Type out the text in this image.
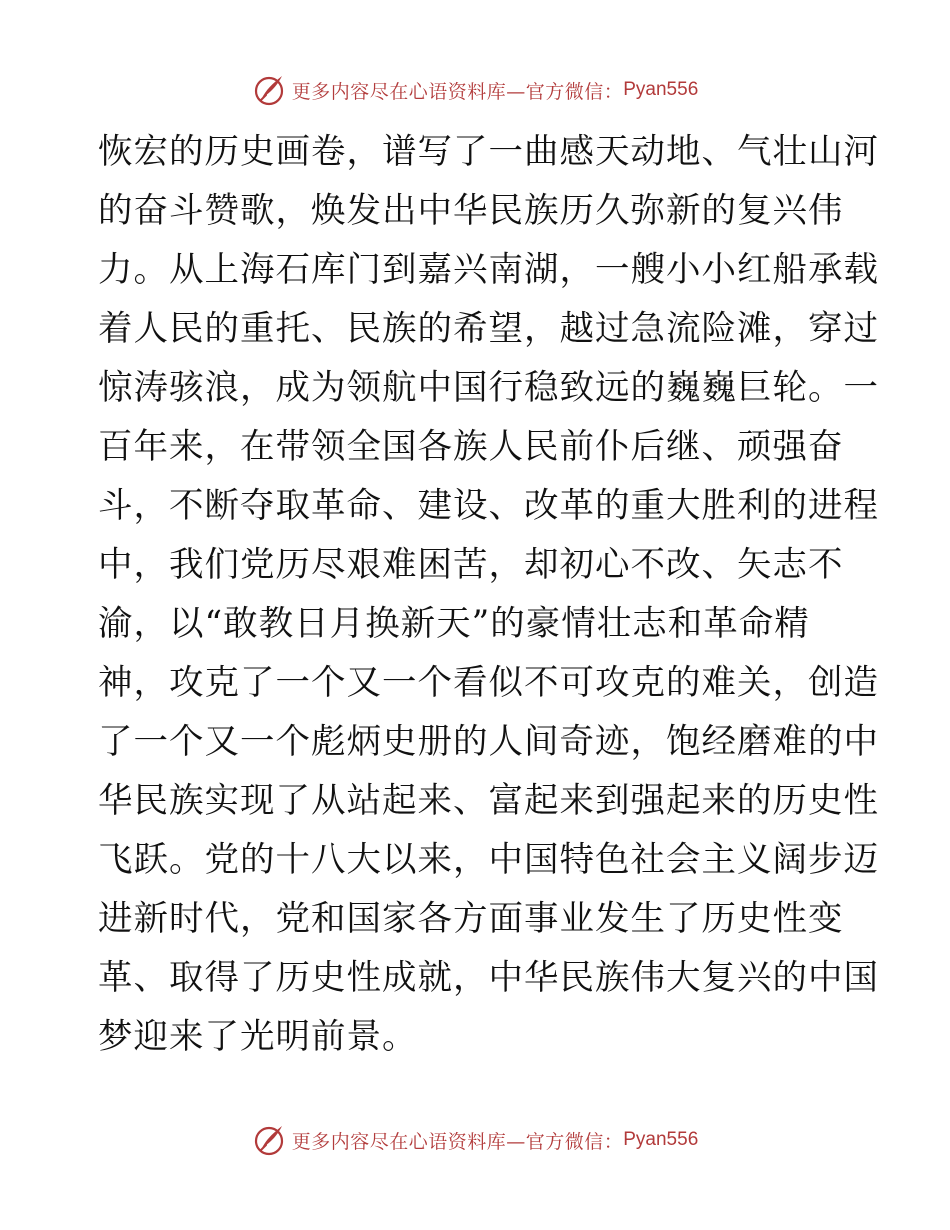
更多内容尽在心语资料库—官方微信： Pyan556
恢宏的历史画卷，谱写了一曲感天动地、气壮山河
的奋斗赞歌，焕发出中华民族历久弥新的复兴伟
力。从上海石库门到嘉兴南湖，一艘小小红船承载
着人民的重托、民族的希望，越过急流险滩，穿过
惊涛骇浪，成为领航中国行稳致远的巍巍巨轮。一
百年来，在带领全国各族人民前仆后继、顽强奋
斗，不断夺取革命、建设、改革的重大胜利的进程
中，我们党历尽艰难困苦，却初心不改、矢志不
渝，以“敢教日月换新天”的豪情壮志和革命精
神，攻克了一个又一个看似不可攻克的难关，创造
了一个又一个彪炳史册的人间奇迹，饱经磨难的中
华民族实现了从站起来、富起来到强起来的历史性
飞跃。党的十八大以来，中国特色社会主义阔步迈
进新时代，党和国家各方面事业发生了历史性变
革、取得了历史性成就，中华民族伟大复兴的中国
梦迎来了光明前景。
更多内容尽在心语资料库—官方微信： Pyan556
